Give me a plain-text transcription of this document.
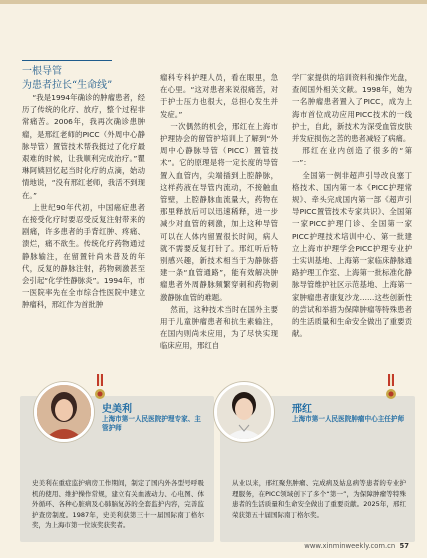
一根导管
为患者拉长“生命线”

“我是1994年确诊的肿瘤患者，经历了传统的化疗、放疗，整个过程非常痛苦。2006年，我再次确诊患肿瘤，是邢红老师的PICC（外周中心静脉导管）置管技术帮我挺过了化疗最艰难的时候，让我顺利完成治疗。”瞿琳阿姨回忆起当时化疗的点滴，始动情地说，“没有邢红老师，我活不到现在。”

上世纪90年代初，中国癌症患者在接受化疗时要忍受反复注射带来的剧痛，许多患者的手背红肿、疼痛、溃烂，痛不欲生。传统化疗药物通过静脉输注，在留置针尚未普及的年代，反复的静脉注射，药物刺激甚至会引起“化学性静脉炎”。1994年，市一医院率先在全市综合性医院中建立肿瘤科，邢红作为首批肿

瘤科专科护理人员，看在眼里，急在心里。“这对患者来说很痛苦，对于护士压力也很大，总担心发生并发症。”

一次偶然的机会，邢红在上海市护理协会的留管护培训上了解到“外周中心静脉导管（PICC）置管技术”。它的原理是将一定长度的导管置入血管内，尖端插到上腔静脉，这样药液在导管内流动，不接触血管壁，上腔静脉血流量大，药物在那里释放后可以迅速稀释，进一步减少对血管的刺激，加上这种导管可以在人体内留置很长时间，病人就不需要反复打针了。邢红听后特别感兴趣，新技术相当于为静脉搭建一条“血管通路”，能有效解决肿瘤患者外周静脉频繁穿刺和药物刺激静脉血管的难题。

然而，这种技术当时在国外主要用于儿童肿瘤患者和抗生素输注，在国内则尚未应用，为了尽快实现临床应用，邢红自

学厂家提供的培训资料和操作光盘，查阅国外相关文献。1998年，她为一名肿瘤患者置入了PICC，成为上海市首位成功应用PICC技术的一线护士，自此，新技术为深受血管皮肤并发症损伤之苦的患者减轻了病痛。

邢红在业内创造了很多的“第一”：

全国第一例非超声引导改良塞丁格技术、国内第一本《PICC护理常规》、牵头完成国内第一部《超声引导PICC置管技术专家共识》、全国第一家PICC护理门诊、全国第一家PICC护理技术培训中心、第一批建立上海市护理学会PICC护理专业护士实训基地、上海第一家临床静脉通路护理工作室、上海第一批标准化静脉导管维护社区示范基地、上海第一家肿瘤患者康复沙龙……这些创新性的尝试和举措为保障肿瘤等特殊患者的生活质量和生命安全做出了重要贡献。

史美利
上海市第一人民医院护理专家、主管护师
史美利在重症监护病房工作期间，制定了国内外各型号呼吸机的使用、维护操作常规，建立有关血液动力、心电图、体外循环、各种心脏病及心肺脑复苏的全套监护内容，完善监护查房制度。1987年，史美利获第三十一届国际南丁格尔奖，为上海市第一位该奖获奖者。
邢红
上海市第一人民医院肿瘤中心主任护师
从业以来，邢红聚焦肿瘤、完成病及姑息病等患者的专业护理服务，在PICC领域创下了多个“第一”，为保障肿瘤等特殊患者的生活质量和生命安全做出了重要贡献。2025年，邢红荣获第五十届国际南丁格尔奖。
www.xinminweekly.com.cn 57
